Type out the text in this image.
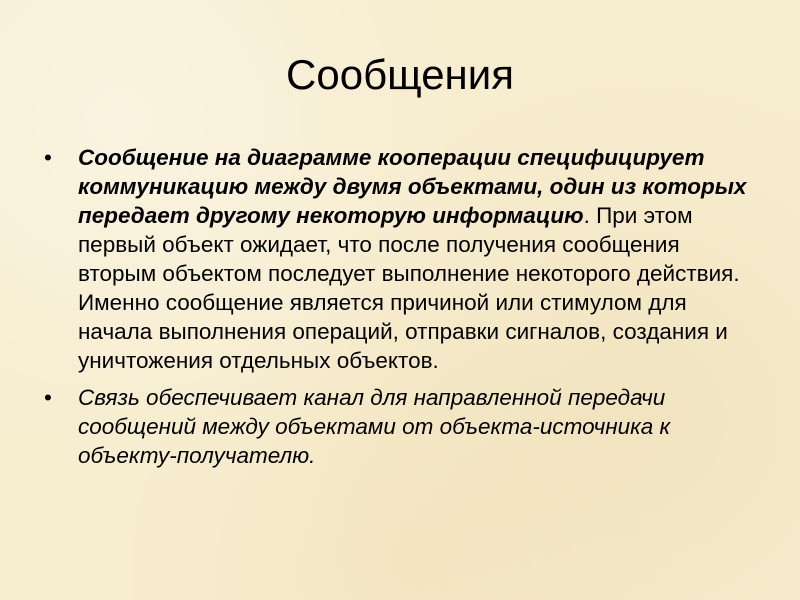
Сообщения
•	Сообщение на диаграмме кооперации специфицирует коммуникацию между двумя объектами, один из которых передает другому некоторую информацию. При этом первый объект ожидает, что после получения сообщения вторым объектом последует выполнение некоторого действия. Именно сообщение является причиной или стимулом для начала выполнения операций, отправки сигналов, создания и уничтожения отдельных объектов.
•	Связь обеспечивает канал для направленной передачи сообщений между объектами от объекта-источника к объекту-получателю.
